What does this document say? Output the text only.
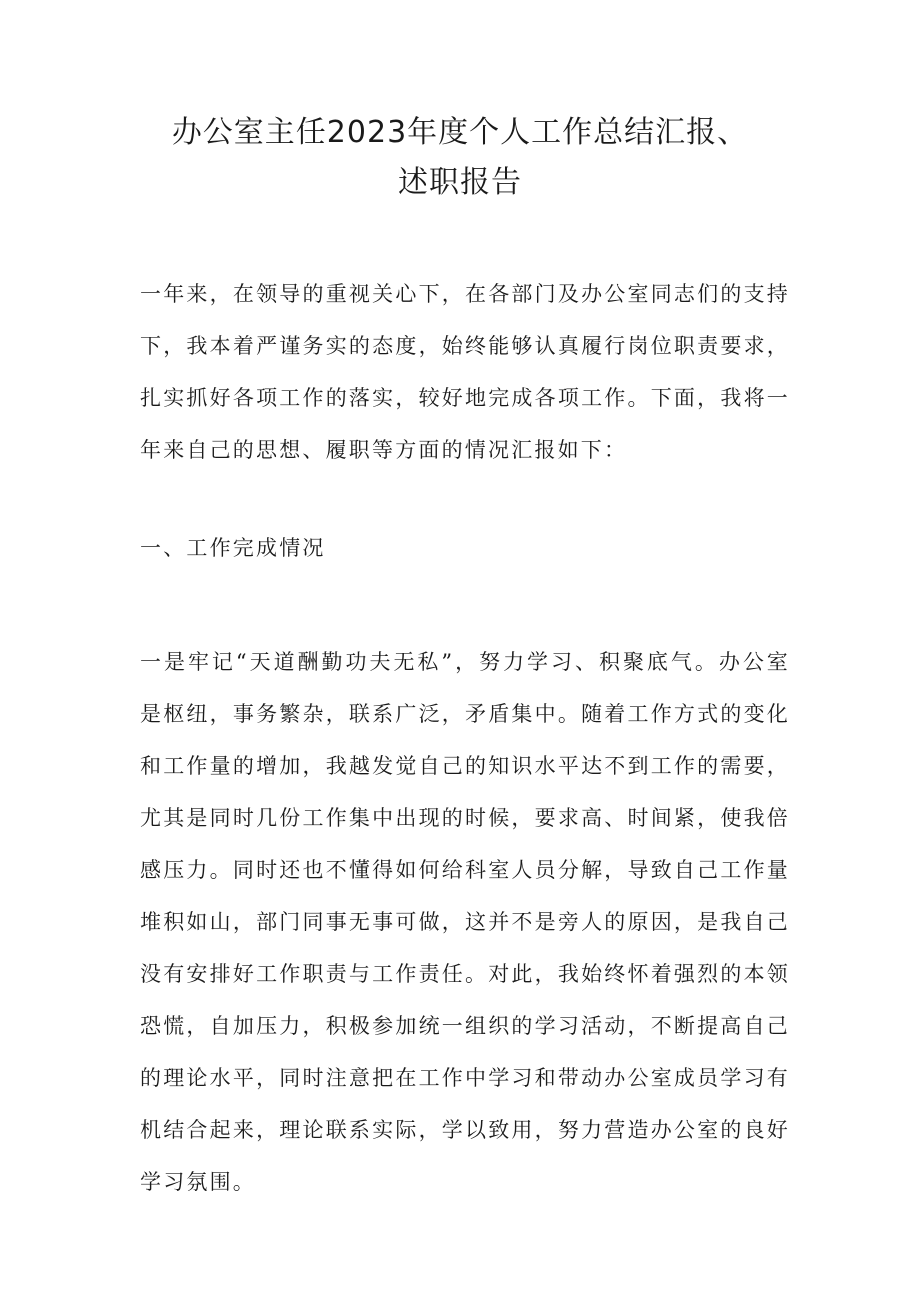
办公室主任2023年度个人工作总结汇报、
述职报告

一年来，在领导的重视关心下，在各部门及办公室同志们的支持下，我本着严谨务实的态度，始终能够认真履行岗位职责要求，扎实抓好各项工作的落实，较好地完成各项工作。下面，我将一年来自己的思想、履职等方面的情况汇报如下：

一、工作完成情况

一是牢记“天道酬勤功夫无私”，努力学习、积聚底气。办公室是枢纽，事务繁杂，联系广泛，矛盾集中。随着工作方式的变化和工作量的增加，我越发觉自己的知识水平达不到工作的需要，尤其是同时几份工作集中出现的时候，要求高、时间紧，使我倍感压力。同时还也不懂得如何给科室人员分解，导致自己工作量堆积如山，部门同事无事可做，这并不是旁人的原因，是我自己没有安排好工作职责与工作责任。对此，我始终怀着强烈的本领恐慌，自加压力，积极参加统一组织的学习活动，不断提高自己的理论水平，同时注意把在工作中学习和带动办公室成员学习有机结合起来，理论联系实际，学以致用，努力营造办公室的良好学习氛围。
